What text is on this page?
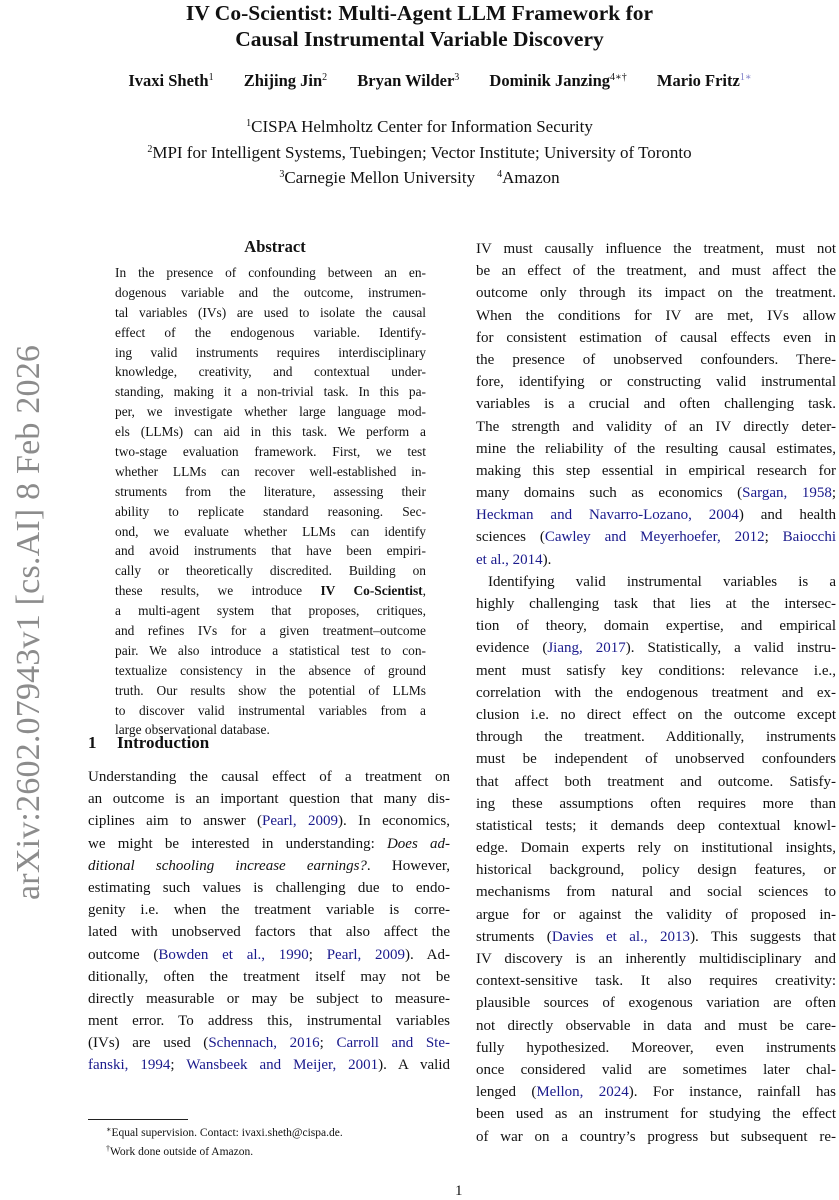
IV Co-Scientist: Multi-Agent LLM Framework for
Causal Instrumental Variable Discovery
Ivaxi Sheth$^1$ Zhijing Jin$^2$ Bryan Wilder$^3$ Dominik Janzing$^{4∗\dagger}$ Mario Fritz$^{1∗}$
$^1$CISPA Helmholtz Center for Information Security
$^2$MPI for Intelligent Systems, Tuebingen; Vector Institute; University of Toronto
$^3$Carnegie Mellon University $^4$Amazon
arXiv:2602.07943v1 [cs.AI] 8 Feb 2026
Abstract
In the presence of confounding between an en-
dogenous variable and the outcome, instrumen-
tal variables (IVs) are used to isolate the causal
effect of the endogenous variable. Identify-
ing valid instruments requires interdisciplinary
knowledge, creativity, and contextual under-
standing, making it a non-trivial task. In this pa-
per, we investigate whether large language mod-
els (LLMs) can aid in this task. We perform a
two-stage evaluation framework. First, we test
whether LLMs can recover well-established in-
struments from the literature, assessing their
ability to replicate standard reasoning. Sec-
ond, we evaluate whether LLMs can identify
and avoid instruments that have been empiri-
cally or theoretically discredited. Building on
these results, we introduce IV Co-Scientist,
a multi-agent system that proposes, critiques,
and refines IVs for a given treatment–outcome
pair. We also introduce a statistical test to con-
textualize consistency in the absence of ground
truth. Our results show the potential of LLMs
to discover valid instrumental variables from a
large observational database.
1 Introduction
Understanding the causal effect of a treatment on
an outcome is an important question that many dis-
ciplines aim to answer (Pearl, 2009). In economics,
we might be interested in understanding: Does ad-
ditional schooling increase earnings?. However,
estimating such values is challenging due to endo-
genity i.e. when the treatment variable is corre-
lated with unobserved factors that also affect the
outcome (Bowden et al., 1990; Pearl, 2009). Ad-
ditionally, often the treatment itself may not be
directly measurable or may be subject to measure-
ment error. To address this, instrumental variables
(IVs) are used (Schennach, 2016; Carroll and Ste-
fanski, 1994; Wansbeek and Meijer, 2001). A valid
∗Equal supervision. Contact: ivaxi.sheth@cispa.de.
†Work done outside of Amazon.
IV must causally influence the treatment, must not
be an effect of the treatment, and must affect the
outcome only through its impact on the treatment.
When the conditions for IV are met, IVs allow
for consistent estimation of causal effects even in
the presence of unobserved confounders. There-
fore, identifying or constructing valid instrumental
variables is a crucial and often challenging task.
The strength and validity of an IV directly deter-
mine the reliability of the resulting causal estimates,
making this step essential in empirical research for
many domains such as economics (Sargan, 1958;
Heckman and Navarro-Lozano, 2004) and health
sciences (Cawley and Meyerhoefer, 2012; Baiocchi
et al., 2014).
Identifying valid instrumental variables is a
highly challenging task that lies at the intersec-
tion of theory, domain expertise, and empirical
evidence (Jiang, 2017). Statistically, a valid instru-
ment must satisfy key conditions: relevance i.e.,
correlation with the endogenous treatment and ex-
clusion i.e. no direct effect on the outcome except
through the treatment. Additionally, instruments
must be independent of unobserved confounders
that affect both treatment and outcome. Satisfy-
ing these assumptions often requires more than
statistical tests; it demands deep contextual knowl-
edge. Domain experts rely on institutional insights,
historical background, policy design features, or
mechanisms from natural and social sciences to
argue for or against the validity of proposed in-
struments (Davies et al., 2013). This suggests that
IV discovery is an inherently multidisciplinary and
context-sensitive task. It also requires creativity:
plausible sources of exogenous variation are often
not directly observable in data and must be care-
fully hypothesized. Moreover, even instruments
once considered valid are sometimes later chal-
lenged (Mellon, 2024). For instance, rainfall has
been used as an instrument for studying the effect
of war on a country’s progress but subsequent re-
1
